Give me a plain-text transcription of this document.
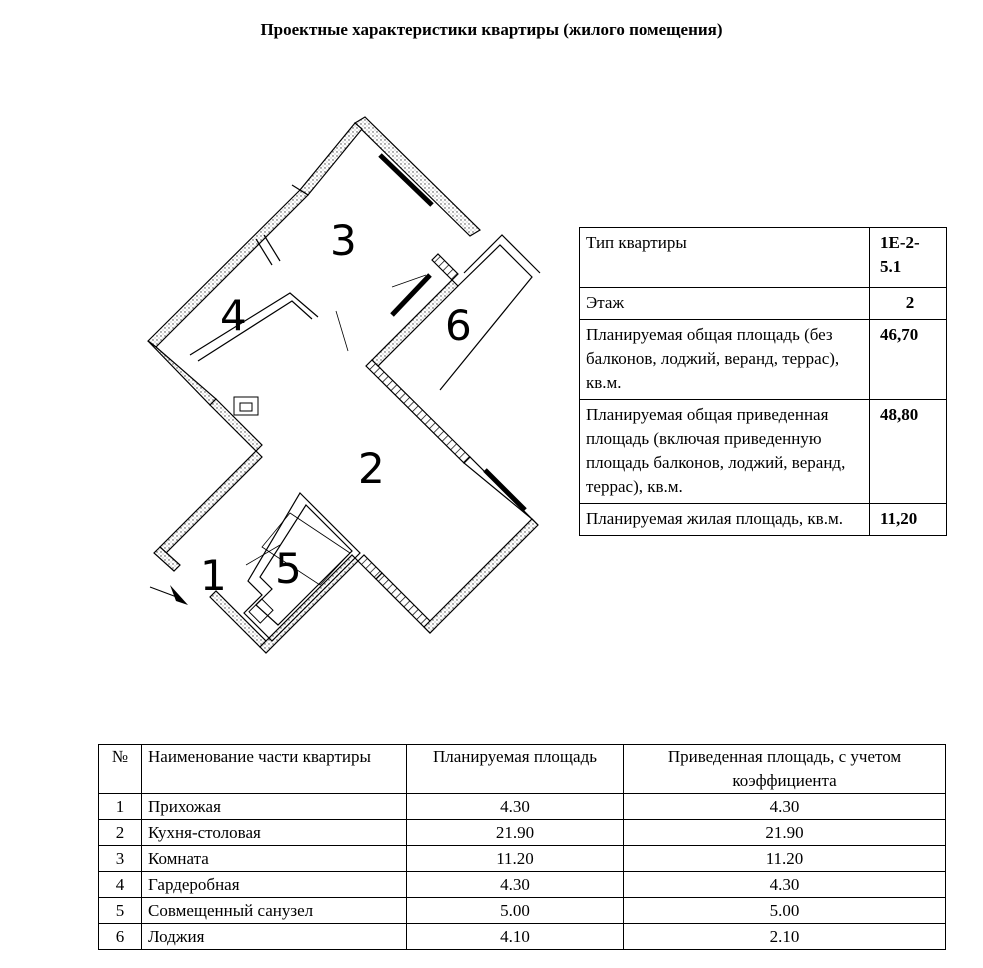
Проектные характеристики квартиры (жилого помещения)
3
4	6
2
5
1
Тип квартиры	1Е-2-5.1
Этаж	2
Планируемая общая площадь (без балконов, лоджий, веранд, террас), кв.м.	46,70
Планируемая общая приведенная площадь (включая приведенную площадь балконов, лоджий, веранд, террас), кв.м.	48,80
Планируемая жилая площадь, кв.м.	11,20
№	Наименование части квартиры	Планируемая площадь	Приведенная площадь, с учетом коэффициента
1	Прихожая	4.30	4.30
2	Кухня-столовая	21.90	21.90
3	Комната	11.20	11.20
4	Гардеробная	4.30	4.30
5	Совмещенный санузел	5.00	5.00
6	Лоджия	4.10	2.10
